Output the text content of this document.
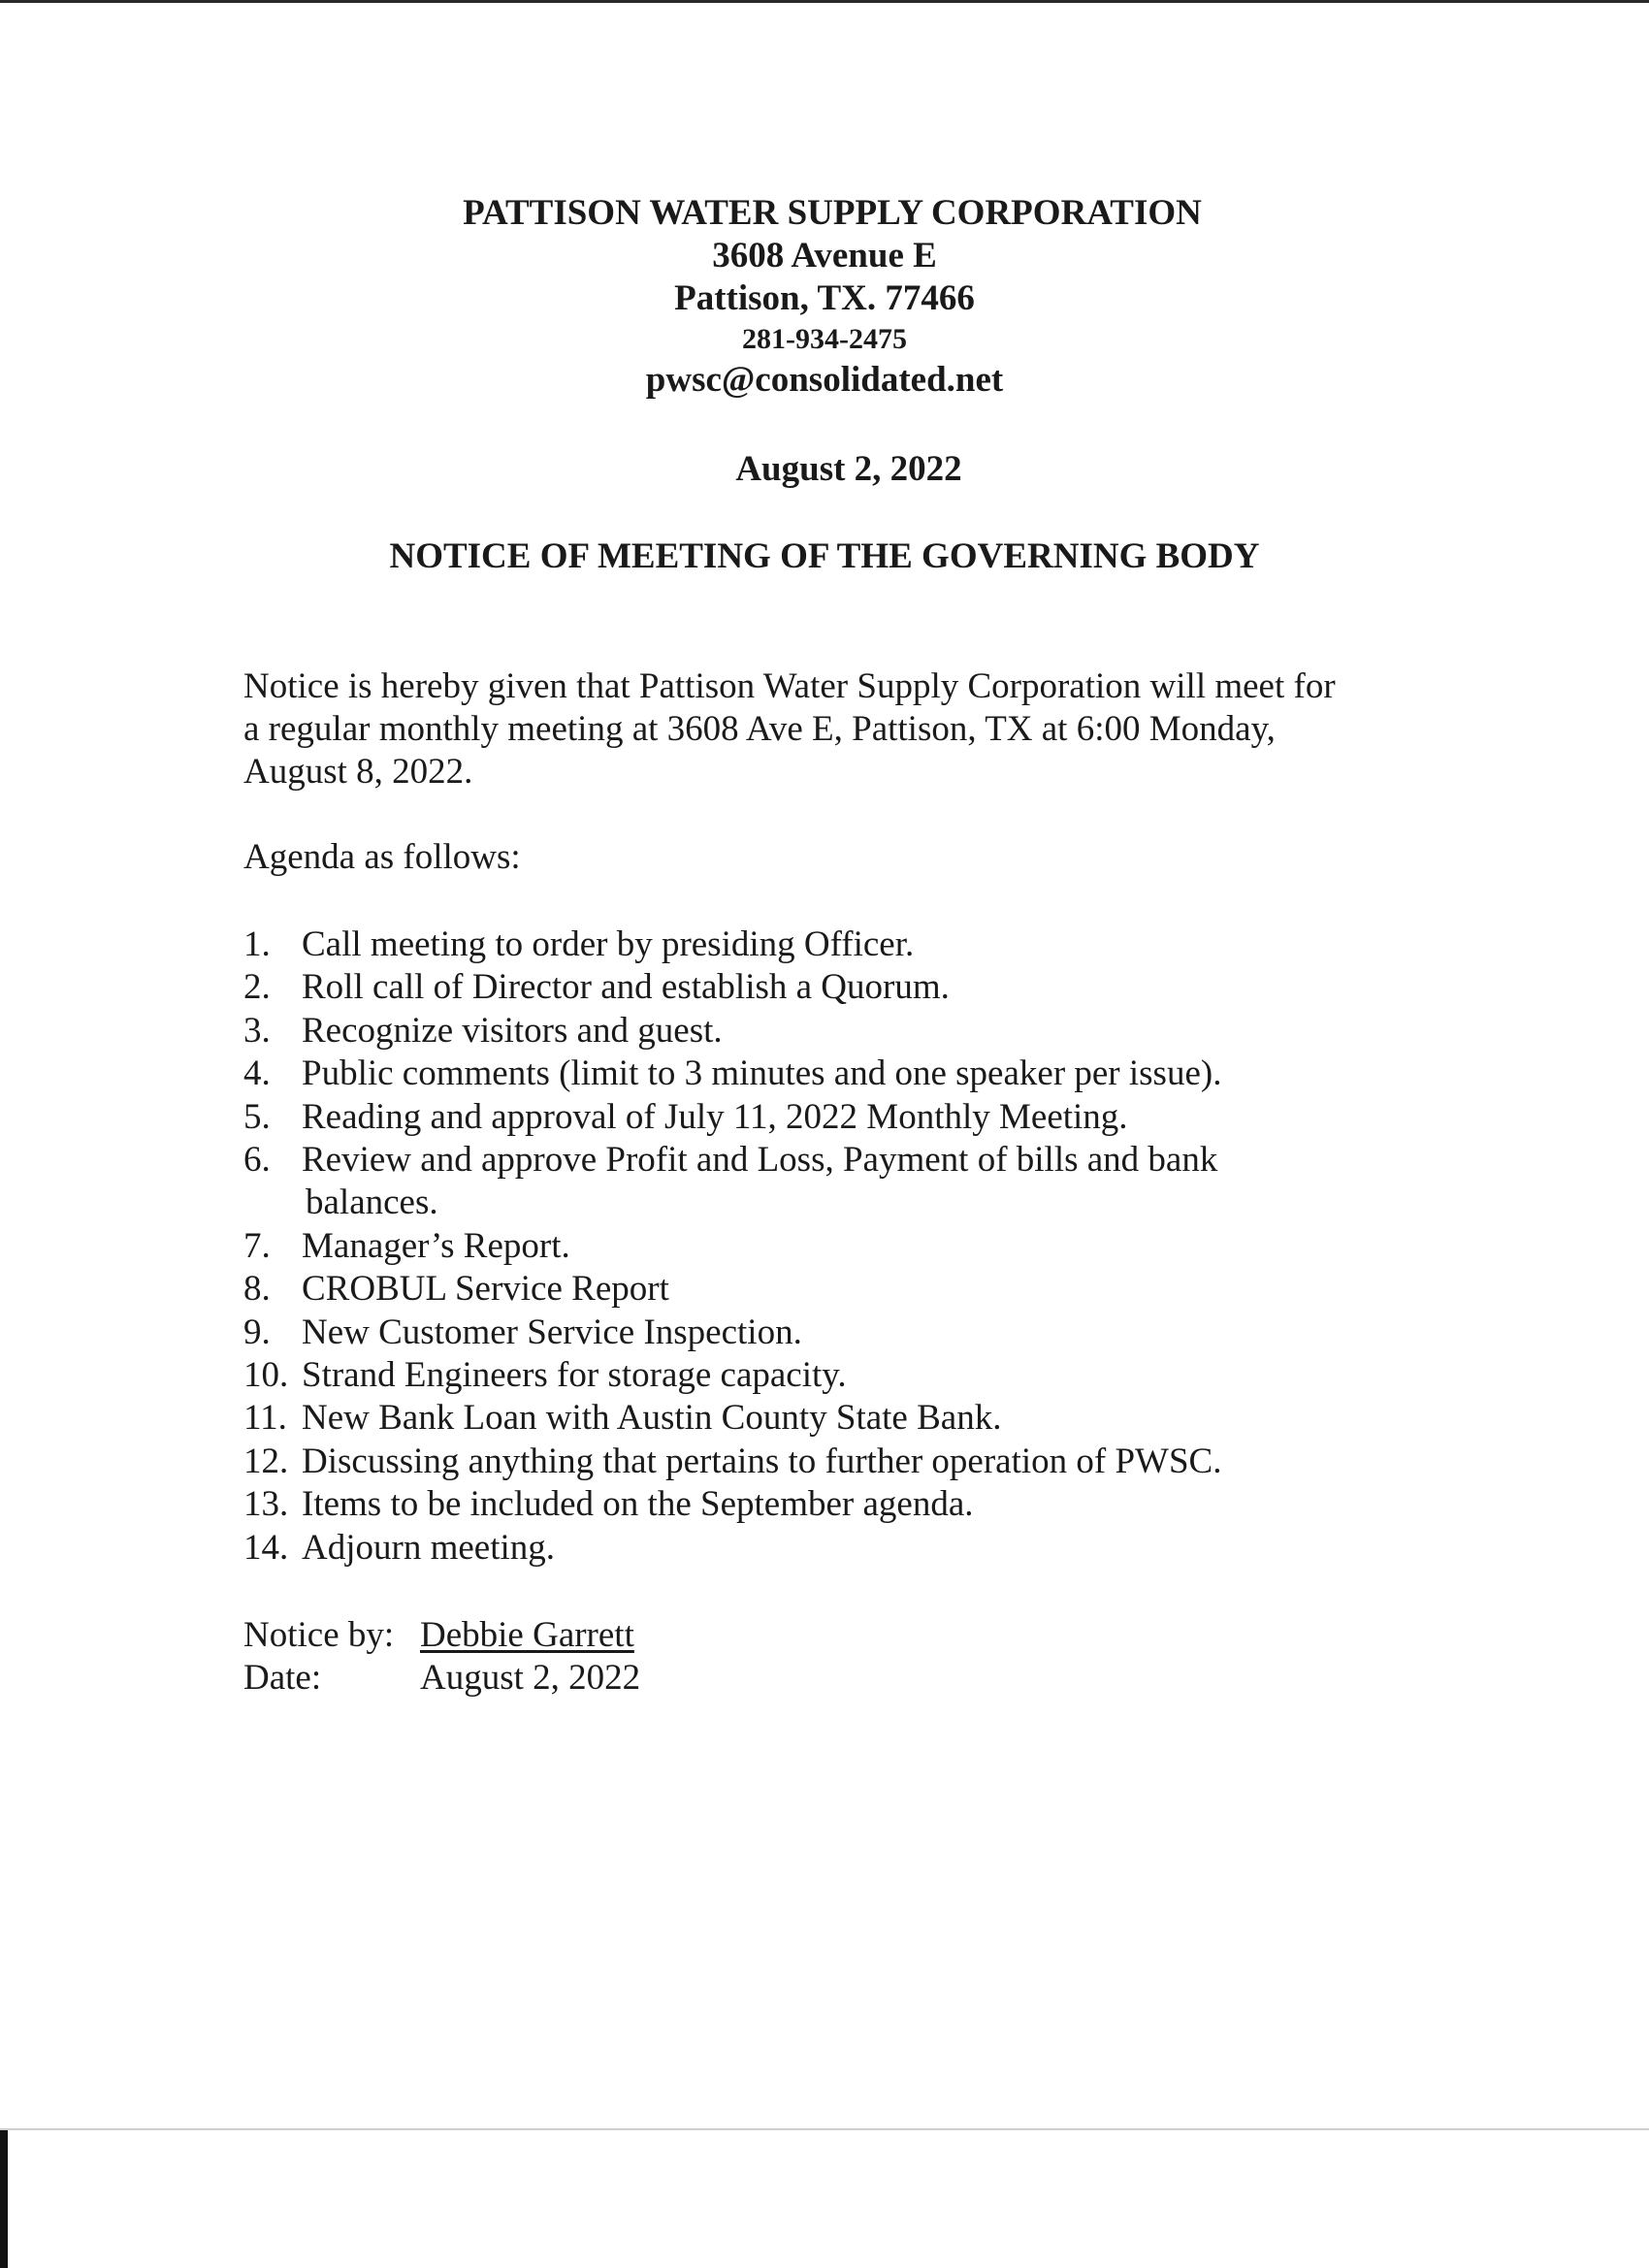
PATTISON WATER SUPPLY CORPORATION
3608 Avenue E
Pattison, TX. 77466
281-934-2475
pwsc@consolidated.net
August 2, 2022
NOTICE OF MEETING OF THE GOVERNING BODY
Notice is hereby given that Pattison Water Supply Corporation will meet for
a regular monthly meeting at 3608 Ave E, Pattison, TX at 6:00 Monday,
August 8, 2022.
Agenda as follows:
1. Call meeting to order by presiding Officer.
2. Roll call of Director and establish a Quorum.
3. Recognize visitors and guest.
4. Public comments (limit to 3 minutes and one speaker per issue).
5. Reading and approval of July 11, 2022 Monthly Meeting.
6. Review and approve Profit and Loss, Payment of bills and bank
balances.
7. Manager’s Report.
8. CROBUL Service Report
9. New Customer Service Inspection.
10. Strand Engineers for storage capacity.
11. New Bank Loan with Austin County State Bank.
12. Discussing anything that pertains to further operation of PWSC.
13. Items to be included on the September agenda.
14. Adjourn meeting.
Notice by: Debbie Garrett
Date:	August 2, 2022
